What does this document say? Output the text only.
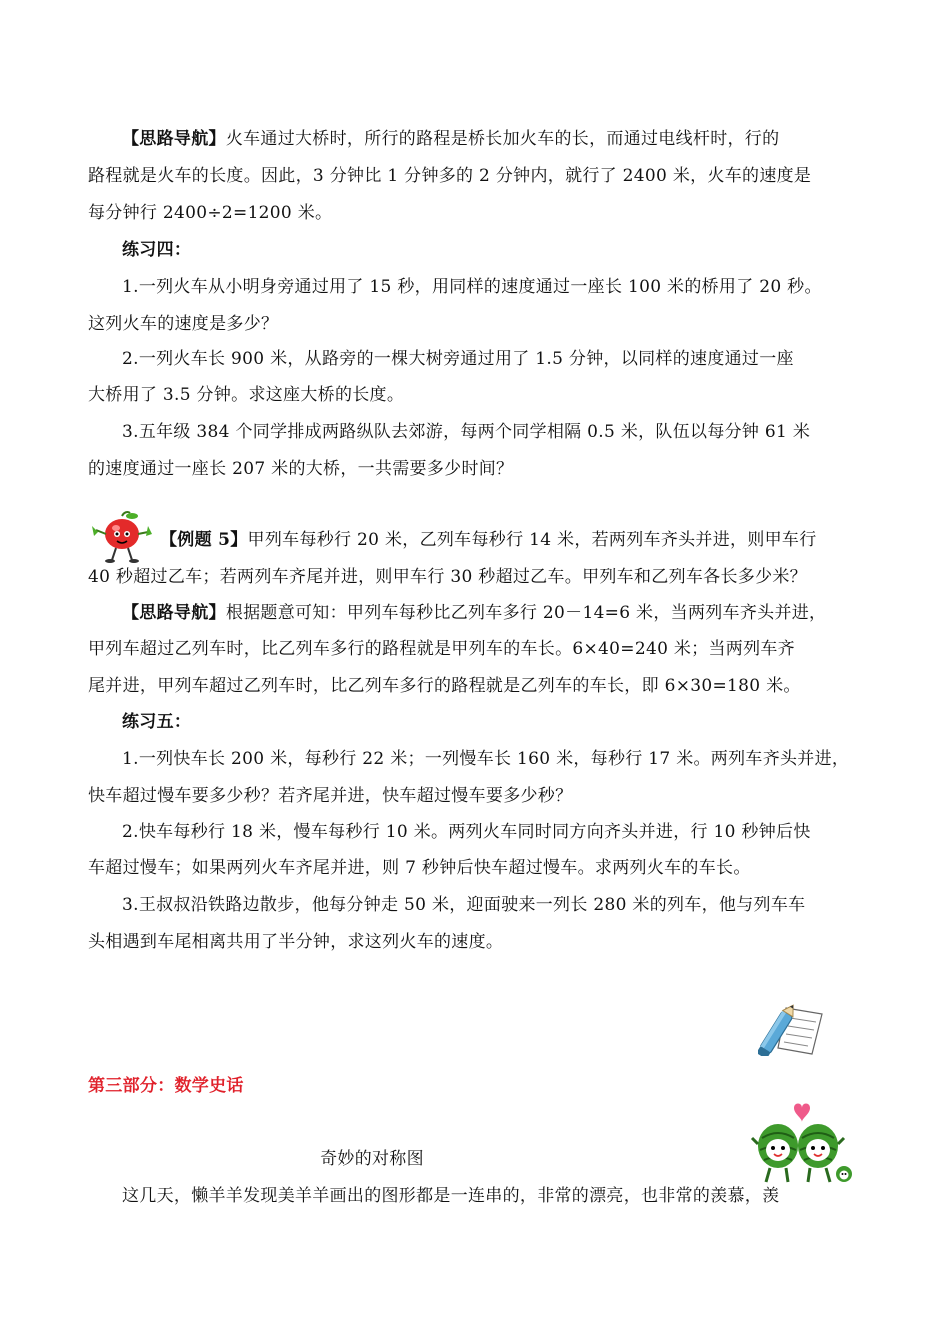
【思路导航】火车通过大桥时，所行的路程是桥长加火车的长，而通过电线杆时，行的
路程就是火车的长度。因此，3 分钟比 1 分钟多的 2 分钟内，就行了 2400 米，火车的速度是
每分钟行 2400÷2=1200 米。
练习四：
1.一列火车从小明身旁通过用了 15 秒，用同样的速度通过一座长 100 米的桥用了 20 秒。
这列火车的速度是多少？
2.一列火车长 900 米，从路旁的一棵大树旁通过用了 1.5 分钟，以同样的速度通过一座
大桥用了 3.5 分钟。求这座大桥的长度。
3.五年级 384 个同学排成两路纵队去郊游，每两个同学相隔 0.5 米，队伍以每分钟 61 米
的速度通过一座长 207 米的大桥，一共需要多少时间？
【例题 5】甲列车每秒行 20 米，乙列车每秒行 14 米，若两列车齐头并进，则甲车行
40 秒超过乙车；若两列车齐尾并进，则甲车行 30 秒超过乙车。甲列车和乙列车各长多少米？
【思路导航】根据题意可知：甲列车每秒比乙列车多行 20－14=6 米，当两列车齐头并进，
甲列车超过乙列车时，比乙列车多行的路程就是甲列车的车长。6×40=240 米；当两列车齐
尾并进，甲列车超过乙列车时，比乙列车多行的路程就是乙列车的车长，即 6×30=180 米。
练习五：
1.一列快车长 200 米，每秒行 22 米；一列慢车长 160 米，每秒行 17 米。两列车齐头并进，
快车超过慢车要多少秒？若齐尾并进，快车超过慢车要多少秒？
2.快车每秒行 18 米，慢车每秒行 10 米。两列火车同时同方向齐头并进，行 10 秒钟后快
车超过慢车；如果两列火车齐尾并进，则 7 秒钟后快车超过慢车。求两列火车的车长。
3.王叔叔沿铁路边散步，他每分钟走 50 米，迎面驶来一列长 280 米的列车，他与列车车
头相遇到车尾相离共用了半分钟，求这列火车的速度。
第三部分：数学史话
奇妙的对称图
这几天，懒羊羊发现美羊羊画出的图形都是一连串的，非常的漂亮，也非常的羡慕，羡
